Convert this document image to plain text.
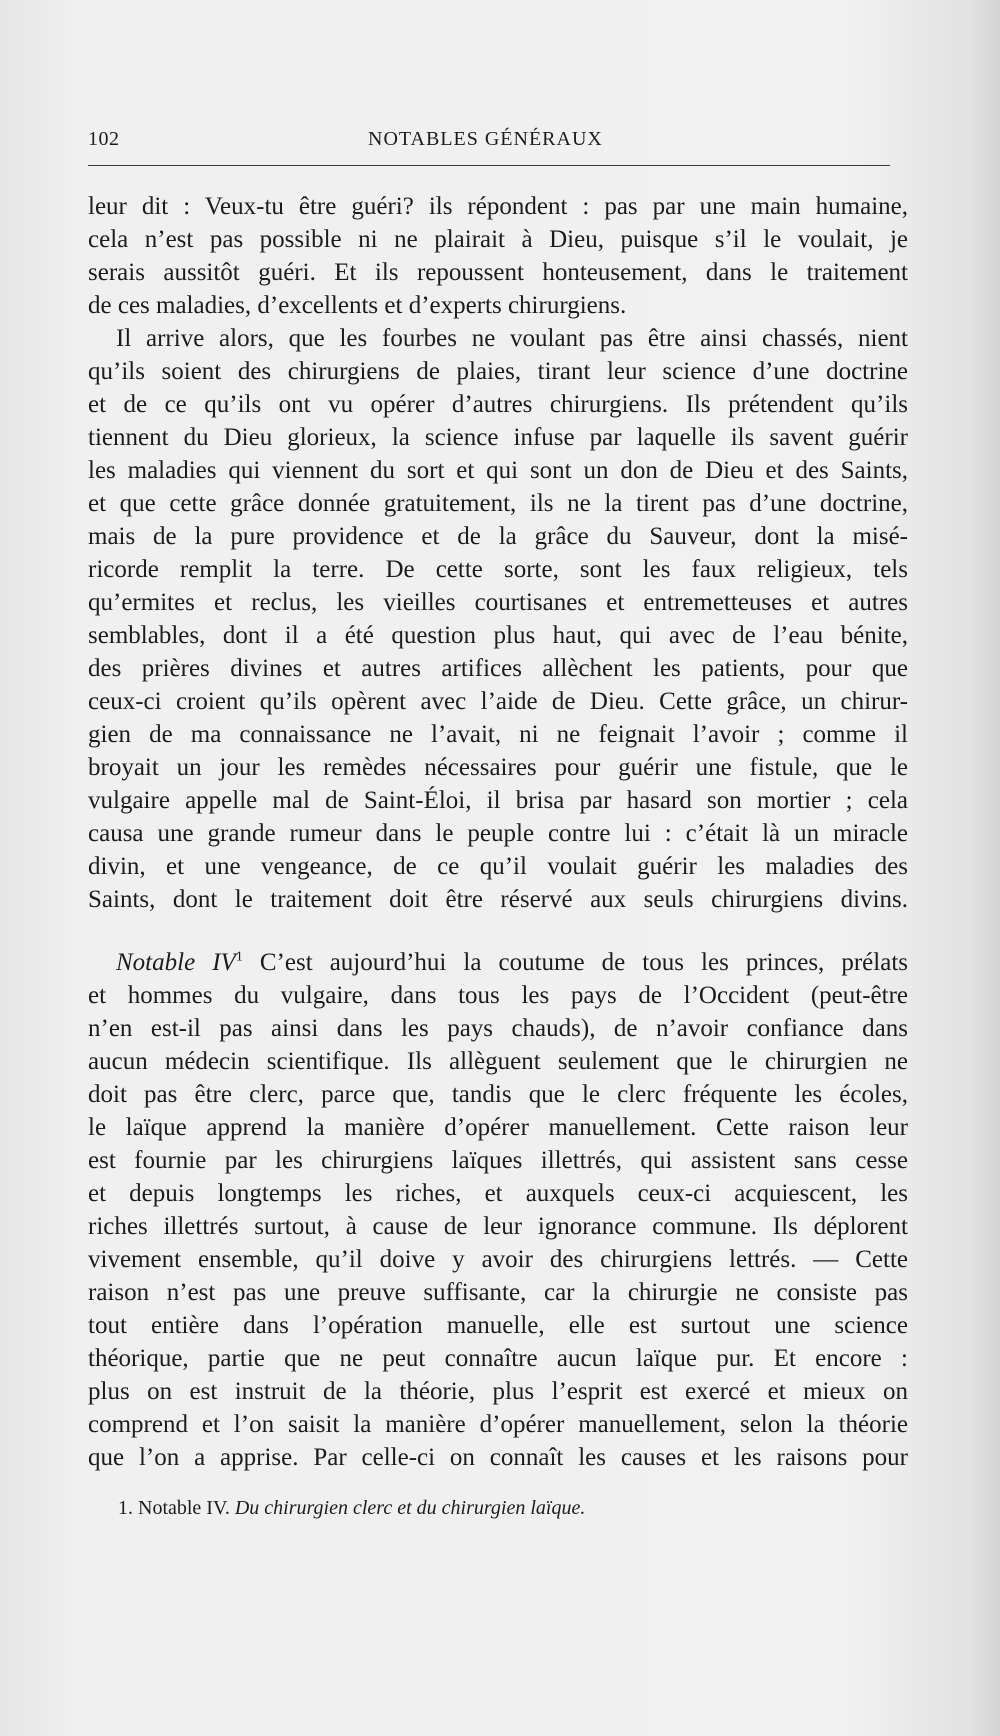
102	NOTABLES GÉNÉRAUX
leur dit : Veux-tu être guéri? ils répondent : pas par une main humaine,
cela n’est pas possible ni ne plairait à Dieu, puisque s’il le voulait, je
serais aussitôt guéri. Et ils repoussent honteusement, dans le traitement
de ces maladies, d’excellents et d’experts chirurgiens.
Il arrive alors, que les fourbes ne voulant pas être ainsi chassés, nient
qu’ils soient des chirurgiens de plaies, tirant leur science d’une doctrine
et de ce qu’ils ont vu opérer d’autres chirurgiens. Ils prétendent qu’ils
tiennent du Dieu glorieux, la science infuse par laquelle ils savent guérir
les maladies qui viennent du sort et qui sont un don de Dieu et des Saints,
et que cette grâce donnée gratuitement, ils ne la tirent pas d’une doctrine,
mais de la pure providence et de la grâce du Sauveur, dont la misé-
ricorde remplit la terre. De cette sorte, sont les faux religieux, tels
qu’ermites et reclus, les vieilles courtisanes et entremetteuses et autres
semblables, dont il a été question plus haut, qui avec de l’eau bénite,
des prières divines et autres artifices allèchent les patients, pour que
ceux-ci croient qu’ils opèrent avec l’aide de Dieu. Cette grâce, un chirur-
gien de ma connaissance ne l’avait, ni ne feignait l’avoir ; comme il
broyait un jour les remèdes nécessaires pour guérir une fistule, que le
vulgaire appelle mal de Saint-Éloi, il brisa par hasard son mortier ; cela
causa une grande rumeur dans le peuple contre lui : c’était là un miracle
divin, et une vengeance, de ce qu’il voulait guérir les maladies des
Saints, dont le traitement doit être réservé aux seuls chirurgiens divins.
Notable $IV^1$ C’est aujourd’hui la coutume de tous les princes, prélats
et hommes du vulgaire, dans tous les pays de l’Occident (peut-être
n’en est-il pas ainsi dans les pays chauds), de n’avoir confiance dans
aucun médecin scientifique. Ils allèguent seulement que le chirurgien ne
doit pas être clerc, parce que, tandis que le clerc fréquente les écoles,
le laïque apprend la manière d’opérer manuellement. Cette raison leur
est fournie par les chirurgiens laïques illettrés, qui assistent sans cesse
et depuis longtemps les riches, et auxquels ceux-ci acquiescent, les
riches illettrés surtout, à cause de leur ignorance commune. Ils déplorent
vivement ensemble, qu’il doive y avoir des chirurgiens lettrés. — Cette
raison n’est pas une preuve suffisante, car la chirurgie ne consiste pas
tout entière dans l’opération manuelle, elle est surtout une science
théorique, partie que ne peut connaître aucun laïque pur. Et encore :
plus on est instruit de la théorie, plus l’esprit est exercé et mieux on
comprend et l’on saisit la manière d’opérer manuellement, selon la théorie
que l’on a apprise. Par celle-ci on connaît les causes et les raisons pour
1. Notable IV. Du chirurgien clerc et du chirurgien laïque.
